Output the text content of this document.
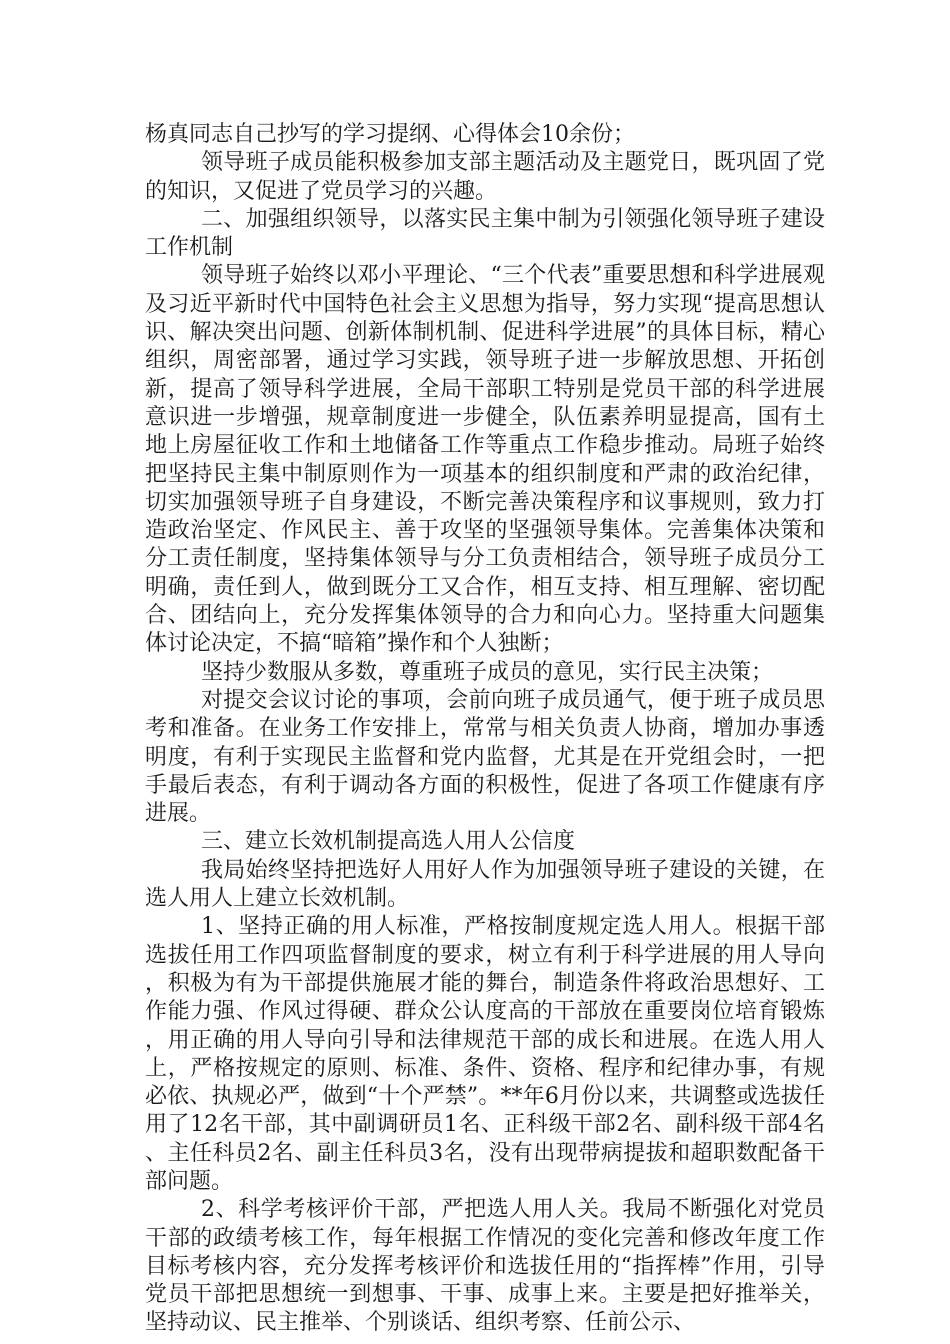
杨真同志自己抄写的学习提纲、心得体会10余份；

领导班子成员能积极参加支部主题活动及主题党日，既巩固了党的知识，又促进了党员学习的兴趣。

二、加强组织领导，以落实民主集中制为引领强化领导班子建设工作机制

领导班子始终以邓小平理论、“三个代表”重要思想和科学进展观及习近平新时代中国特色社会主义思想为指导，努力实现“提高思想认识、解决突出问题、创新体制机制、促进科学进展”的具体目标，精心组织，周密部署，通过学习实践，领导班子进一步解放思想、开拓创新，提高了领导科学进展，全局干部职工特别是党员干部的科学进展意识进一步增强，规章制度进一步健全，队伍素养明显提高，国有土地上房屋征收工作和土地储备工作等重点工作稳步推动。局班子始终把坚持民主集中制原则作为一项基本的组织制度和严肃的政治纪律，切实加强领导班子自身建设，不断完善决策程序和议事规则，致力打造政治坚定、作风民主、善于攻坚的坚强领导集体。完善集体决策和分工责任制度，坚持集体领导与分工负责相结合，领导班子成员分工明确，责任到人，做到既分工又合作，相互支持、相互理解、密切配合、团结向上，充分发挥集体领导的合力和向心力。坚持重大问题集体讨论决定，不搞“暗箱”操作和个人独断；

坚持少数服从多数，尊重班子成员的意见，实行民主决策；

对提交会议讨论的事项，会前向班子成员通气，便于班子成员思考和准备。在业务工作安排上，常常与相关负责人协商，增加办事透明度，有利于实现民主监督和党内监督，尤其是在开党组会时，一把手最后表态，有利于调动各方面的积极性，促进了各项工作健康有序进展。

三、建立长效机制提高选人用人公信度

我局始终坚持把选好人用好人作为加强领导班子建设的关键，在选人用人上建立长效机制。

1、坚持正确的用人标准，严格按制度规定选人用人。根据干部选拔任用工作四项监督制度的要求，树立有利于科学进展的用人导向，积极为有为干部提供施展才能的舞台，制造条件将政治思想好、工作能力强、作风过得硬、群众公认度高的干部放在重要岗位培育锻炼，用正确的用人导向引导和法律规范干部的成长和进展。在选人用人上，严格按规定的原则、标准、条件、资格、程序和纪律办事，有规必依、执规必严，做到“十个严禁”。**年6月份以来，共调整或选拔任用了12名干部，其中副调研员1名、正科级干部2名、副科级干部4名、主任科员2名、副主任科员3名，没有出现带病提拔和超职数配备干部问题。

2、科学考核评价干部，严把选人用人关。我局不断强化对党员干部的政绩考核工作，每年根据工作情况的变化完善和修改年度工作目标考核内容，充分发挥考核评价和选拔任用的“指挥棒”作用，引导党员干部把思想统一到想事、干事、成事上来。主要是把好推举关，坚持动议、民主推举、个别谈话、组织考察、任前公示、
